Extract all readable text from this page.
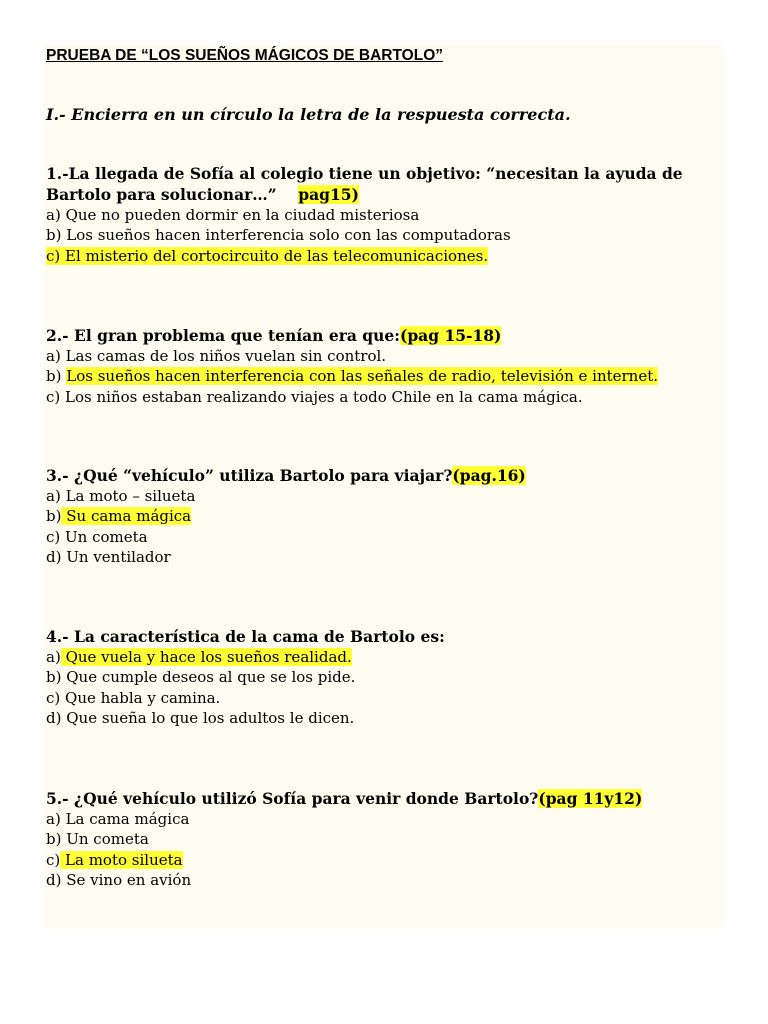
PRUEBA DE “LOS SUEÑOS MÁGICOS DE BARTOLO”
I.- Encierra en un círculo la letra de la respuesta correcta.

1.-La llegada de Sofía al colegio tiene un objetivo: “necesitan la ayuda de
Bartolo para solucionar…” pag15)

a) Que no pueden dormir en la ciudad misteriosa

b) Los sueños hacen interferencia solo con las computadoras

c) El misterio del cortocircuito de las telecomunicaciones.

2.- El gran problema que tenían era que:(pag 15-18)

a) Las camas de los niños vuelan sin control.

b) Los sueños hacen interferencia con las señales de radio, televisión e internet.

c) Los niños estaban realizando viajes a todo Chile en la cama mágica.

3.- ¿Qué “vehículo” utiliza Bartolo para viajar?(pag.16)

a) La moto – silueta

b) Su cama mágica

c) Un cometa

d) Un ventilador

4.- La característica de la cama de Bartolo es:

a) Que vuela y hace los sueños realidad.

b) Que cumple deseos al que se los pide.

c) Que habla y camina.

d) Que sueña lo que los adultos le dicen.

5.- ¿Qué vehículo utilizó Sofía para venir donde Bartolo?(pag 11y12)

a) La cama mágica

b) Un cometa

c) La moto silueta

d) Se vino en avión
